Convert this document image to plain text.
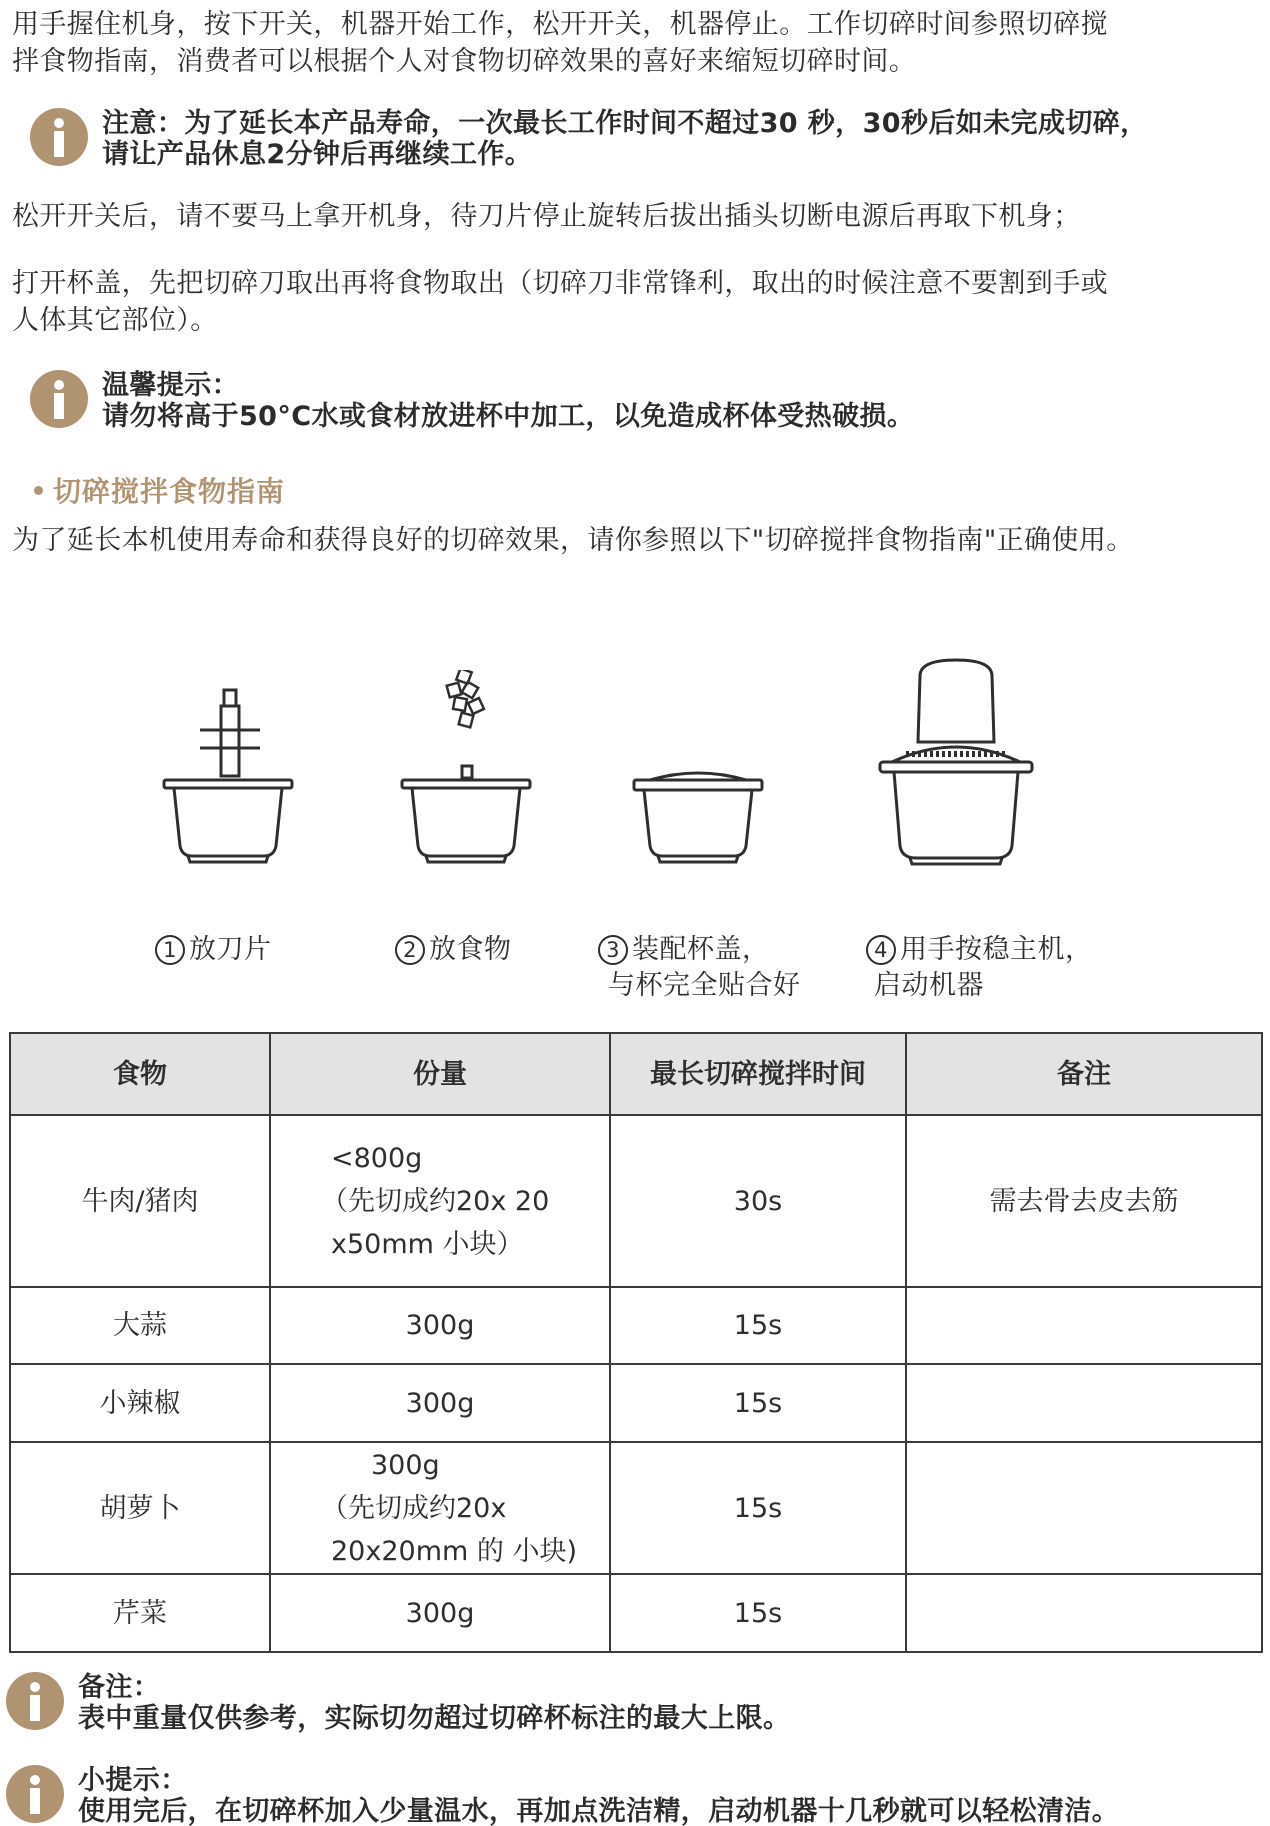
用手握住机身，按下开关，机器开始工作，松开开关，机器停止。工作切碎时间参照切碎搅
拌食物指南，消费者可以根据个人对食物切碎效果的喜好来缩短切碎时间。
注意：为了延长本产品寿命，一次最长工作时间不超过30 秒，30秒后如未完成切碎，
请让产品休息2分钟后再继续工作。
松开开关后，请不要马上拿开机身，待刀片停止旋转后拔出插头切断电源后再取下机身；
打开杯盖，先把切碎刀取出再将食物取出（切碎刀非常锋利，取出的时候注意不要割到手或
人体其它部位）。
温馨提示：
请勿将高于50°C水或食材放进杯中加工，以免造成杯体受热破损。
切碎搅拌食物指南
为了延长本机使用寿命和获得良好的切碎效果，请你参照以下"切碎搅拌食物指南"正确使用。
1 放刀片	2 放食物	3 装配杯盖，
与杯完全贴合好
4 用手按稳主机，
启动机器
食物	份量	最长切碎搅拌时间	备注
牛肉/猪肉	<800g
（先切成约20x 20
x50mm 小块）	30s	需去骨去皮去筋
大蒜	300g	15s	
小辣椒	300g	15s	
胡萝卜	300g
（先切成约20x
20x20mm 的 小块)	15s	
芹菜	300g	15s	
备注：
表中重量仅供参考，实际切勿超过切碎杯标注的最大上限。
小提示：
使用完后，在切碎杯加入少量温水，再加点洗洁精，启动机器十几秒就可以轻松清洁。
